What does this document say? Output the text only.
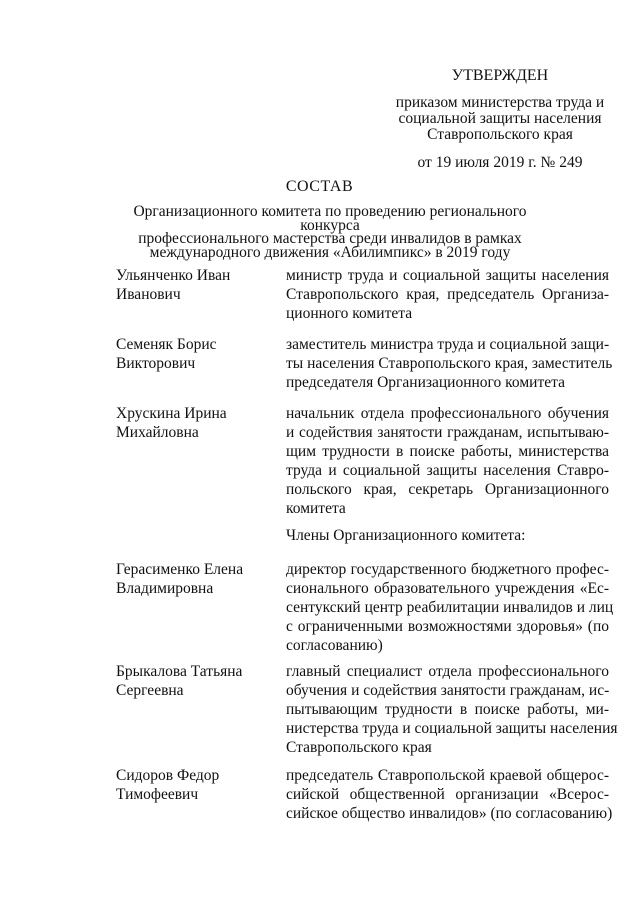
УТВЕРЖДЕН
приказом министерства труда и
социальной защиты населения
Ставропольского края
от 19 июля 2019 г. № 249
СОСТАВ
Организационного комитета по проведению регионального конкурса
профессионального мастерства среди инвалидов в рамках
международного движения «Абилимпикс» в 2019 году
Ульянченко Иван
Иванович
министр труда и социальной защиты населения
Ставропольского края, председатель Организа-
ционного комитета
Семеняк Борис
Викторович
заместитель министра труда и социальной защи-
ты населения Ставропольского края, заместитель
председателя Организационного комитета
Хрускина Ирина
Михайловна
начальник отдела профессионального обучения
и содействия занятости гражданам, испытываю-
щим трудности в поиске работы, министерства
труда и социальной защиты населения Ставро-
польского края, секретарь Организационного
комитета
Члены Организационного комитета:
Герасименко Елена
Владимировна
директор государственного бюджетного профес-
сионального образовательного учреждения «Ес-
сентукский центр реабилитации инвалидов и лиц
с ограниченными возможностями здоровья» (по
согласованию)
Брыкалова Татьяна
Сергеевна
главный специалист отдела профессионального
обучения и содействия занятости гражданам, ис-
пытывающим трудности в поиске работы, ми-
нистерства труда и социальной защиты населения
Ставропольского края
Сидоров Федор
Тимофеевич
председатель Ставропольской краевой общерос-
сийской общественной организации «Всерос-
сийское общество инвалидов» (по согласованию)
